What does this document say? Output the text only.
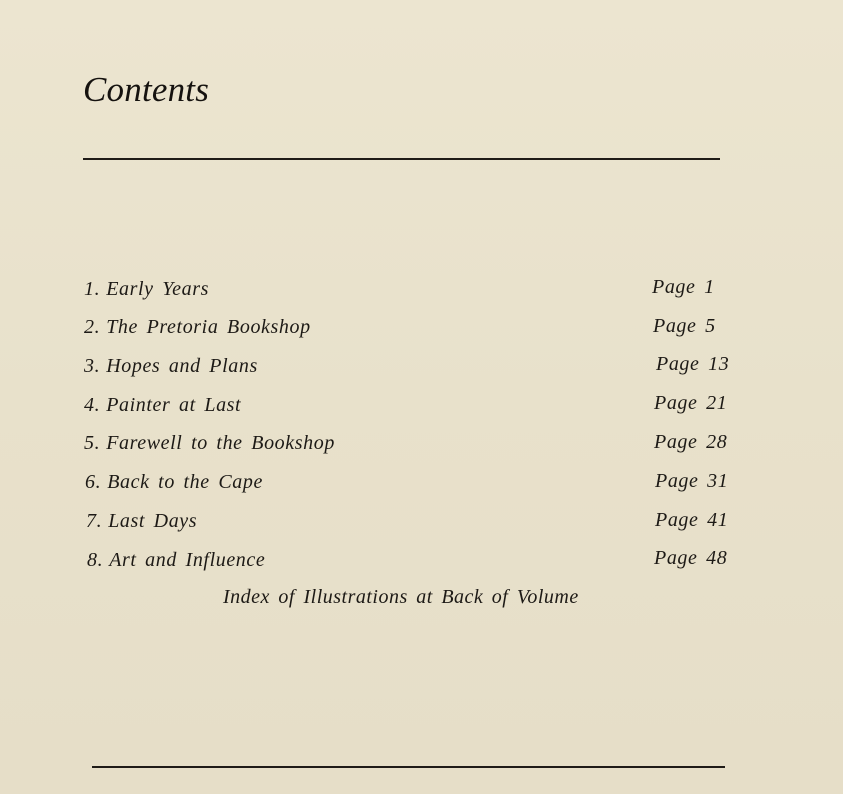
Contents
1. Early Years	Page 1
2. The Pretoria Bookshop	Page 5
3. Hopes and Plans	Page 13
4. Painter at Last	Page 21
5. Farewell to the Bookshop	Page 28
6. Back to the Cape	Page 31
7. Last Days	Page 41
8. Art and Influence	Page 48
Index of Illustrations at Back of Volume
